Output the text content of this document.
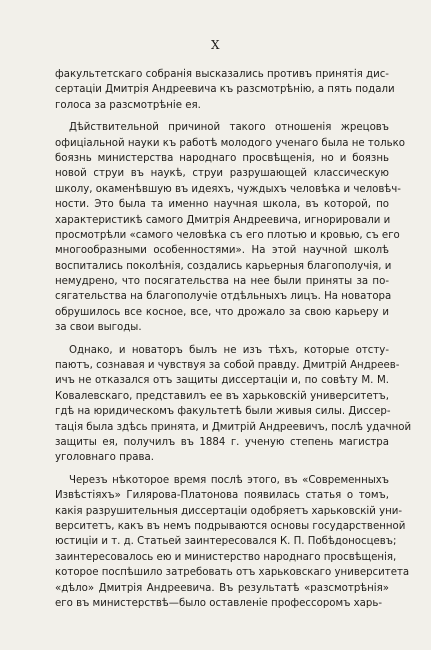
X
факультетскаго собранія высказались противъ принятія дис-
сертаціи Дмитрія Андреевича къ разсмотрѣнію, а пять подали
голоса за разсмотрѣніе ея.
Дѣйствительной причиной такого отношенія жрецовъ
офиціальной науки къ работѣ молодого ученаго была не только
боязнь министерства народнаго просвѣщенія, но и боязнь
новой струи въ наукѣ, струи разрушающей классическую
школу, окаменѣвшую въ идеяхъ, чуждыхъ человѣка и человѣч-
ности. Это была та именно научная школа, въ которой, по
характеристикѣ самого Дмитрія Андреевича, игнорировали и
просмотрѣли «самого человѣка съ его плотью и кровью, съ его
многообразными особенностями». На этой научной школѣ
воспитались поколѣнія, создались карьерныя благополучія, и
немудрено, что посягательства на нее были приняты за по-
сягательства на благополучіе отдѣльныхъ лицъ. На новатора
обрушилось все косное, все, что дрожало за свою карьеру и
за свои выгоды.
Однако, и новаторъ былъ не изъ тѣхъ, которые отсту-
паютъ, сознавая и чувствуя за собой правду. Дмитрій Андреев-
ичъ не отказался отъ защиты диссертаціи и, по совѣту М. М.
Ковалевскаго, представилъ ее въ харьковскій университетъ,
гдѣ на юридическомъ факультетѣ были живыя силы. Диссер-
тація была здѣсь принята, и Дмитрій Андреевичъ, послѣ удачной
защиты ея, получилъ въ 1884 г. ученую степень магистра
уголовнаго права.
Черезъ нѣкоторое время послѣ этого, въ «Современныхъ
Извѣстіяхъ» Гилярова-Платонова появилась статья о томъ,
какія разрушительныя диссертаціи одобряетъ харьковскій уни-
верситетъ, какъ въ немъ подрываются основы государственной
юстиціи и т. д. Статьей заинтересовался К. П. Побѣдоносцевъ;
заинтересовалось ею и министерство народнаго просвѣщенія,
которое поспѣшило затребовать отъ харьковскаго университета
«дѣло» Дмитрія Андреевича. Въ результатѣ «разсмотрѣнія»
его въ министерствѣ—было оставленіе профессоромъ харь-
